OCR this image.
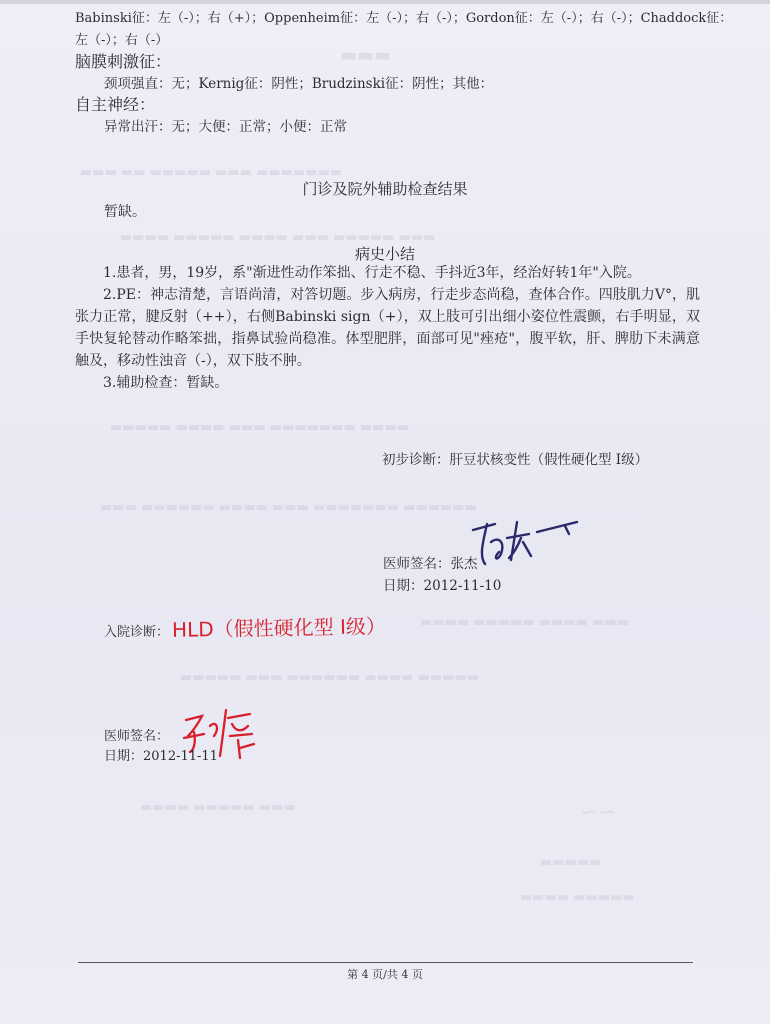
▬▬▬
▬▬▬ ▬▬ ▬▬▬▬▬ ▬▬▬ ▬▬▬▬▬▬▬
▬▬▬▬ ▬▬▬▬▬ ▬▬▬▬ ▬▬▬ ▬▬▬▬▬ ▬▬▬
▬▬▬▬▬ ▬▬▬▬ ▬▬▬ ▬▬▬▬▬▬▬ ▬▬▬▬
▬▬▬ ▬▬▬▬▬▬ ▬▬▬▬ ▬▬▬ ▬▬▬▬▬▬▬ ▬▬▬▬▬▬
▬▬▬▬ ▬▬▬▬▬ ▬▬▬▬ ▬▬▬
▬▬▬▬▬ ▬▬▬ ▬▬▬▬▬▬ ▬▬▬▬ ▬▬▬▬▬
▬▬▬▬ ▬▬▬▬▬ ▬▬▬	∽∽
▬▬▬▬▬
▬▬▬▬ ▬▬▬▬▬
Babinski征：左（-）；右（+）；Oppenheim征：左（-）；右（-）；Gordon征：左（-）；右（-）；Chaddock征：
左（-）；右（-）
脑膜刺激征：
颈项强直：无；Kernig征：阴性；Brudzinski征：阴性；其他：
自主神经：
异常出汗：无；大便：正常；小便：正常
门诊及院外辅助检查结果
暂缺。
病史小结

1.患者，男，19岁，系"渐进性动作笨拙、行走不稳、手抖近3年，经治好转1年"入院。

2.PE：神志清楚，言语尚清，对答切题。步入病房，行走步态尚稳，查体合作。四肢肌力Ⅴ°，肌张力正常，腱反射（++），右侧Babinski sign（+），双上肢可引出细小姿位性震颤，右手明显，双手快复轮替动作略笨拙，指鼻试验尚稳准。体型肥胖，面部可见"痤疮"，腹平软，肝、脾肋下未满意触及，移动性浊音（-），双下肢不肿。

3.辅助检查：暂缺。

初步诊断：肝豆状核变性（假性硬化型 Ⅰ级）
医师签名：张杰
日期：2012-11-10
入院诊断： HLD（假性硬化型 Ⅰ级）
医师签名：
日期：2012-11-11
第 4 页/共 4 页
